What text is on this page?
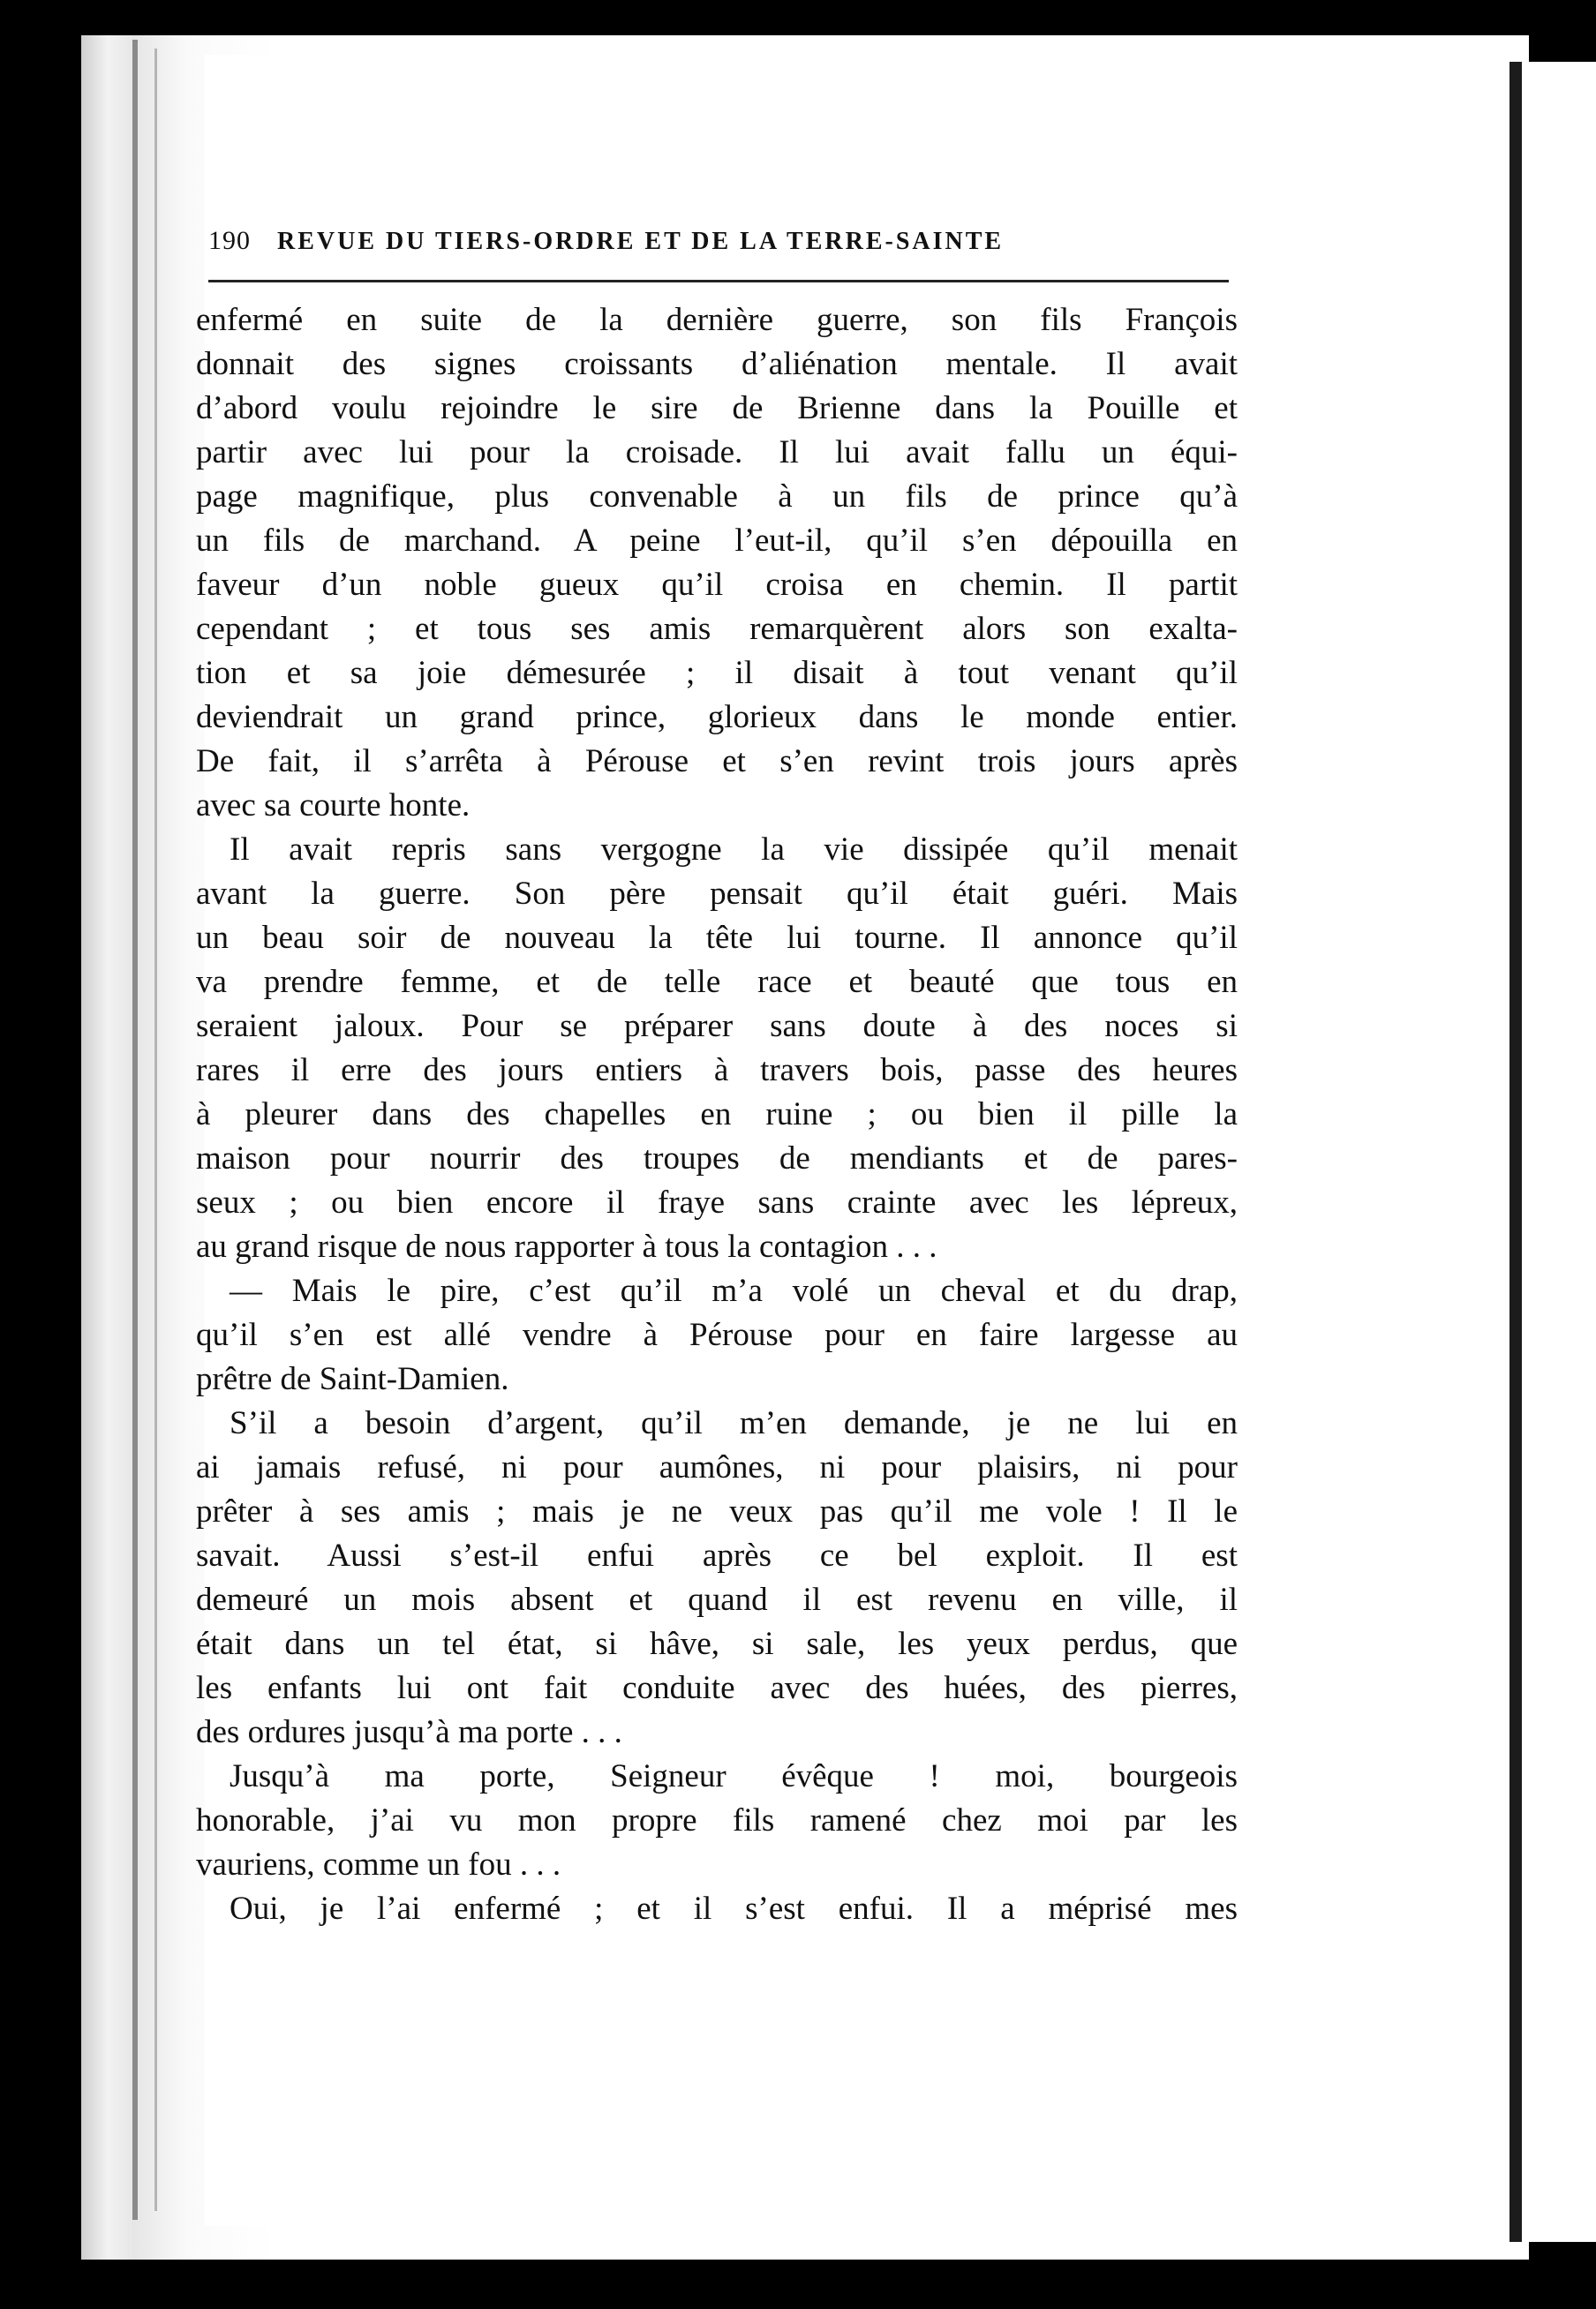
190 REVUE DU TIERS-ORDRE ET DE LA TERRE-SAINTE
enfermé en suite de la dernière guerre, son fils François
donnait des signes croissants d’aliénation mentale. Il avait
d’abord voulu rejoindre le sire de Brienne dans la Pouille et
partir avec lui pour la croisade. Il lui avait fallu un équi-
page magnifique, plus convenable à un fils de prince qu’à
un fils de marchand. A peine l’eut-il, qu’il s’en dépouilla en
faveur d’un noble gueux qu’il croisa en chemin. Il partit
cependant ; et tous ses amis remarquèrent alors son exalta-
tion et sa joie démesurée ; il disait à tout venant qu’il
deviendrait un grand prince, glorieux dans le monde entier.
De fait, il s’arrêta à Pérouse et s’en revint trois jours après
avec sa courte honte.
Il avait repris sans vergogne la vie dissipée qu’il menait
avant la guerre. Son père pensait qu’il était guéri. Mais
un beau soir de nouveau la tête lui tourne. Il annonce qu’il
va prendre femme, et de telle race et beauté que tous en
seraient jaloux. Pour se préparer sans doute à des noces si
rares il erre des jours entiers à travers bois, passe des heures
à pleurer dans des chapelles en ruine ; ou bien il pille la
maison pour nourrir des troupes de mendiants et de pares-
seux ; ou bien encore il fraye sans crainte avec les lépreux,
au grand risque de nous rapporter à tous la contagion . . .
— Mais le pire, c’est qu’il m’a volé un cheval et du drap,
qu’il s’en est allé vendre à Pérouse pour en faire largesse au
prêtre de Saint-Damien.
S’il a besoin d’argent, qu’il m’en demande, je ne lui en
ai jamais refusé, ni pour aumônes, ni pour plaisirs, ni pour
prêter à ses amis ; mais je ne veux pas qu’il me vole ! Il le
savait. Aussi s’est-il enfui après ce bel exploit. Il est
demeuré un mois absent et quand il est revenu en ville, il
était dans un tel état, si hâve, si sale, les yeux perdus, que
les enfants lui ont fait conduite avec des huées, des pierres,
des ordures jusqu’à ma porte . . .
Jusqu’à ma porte, Seigneur évêque ! moi, bourgeois
honorable, j’ai vu mon propre fils ramené chez moi par les
vauriens, comme un fou . . .
Oui, je l’ai enfermé ; et il s’est enfui. Il a méprisé mes
